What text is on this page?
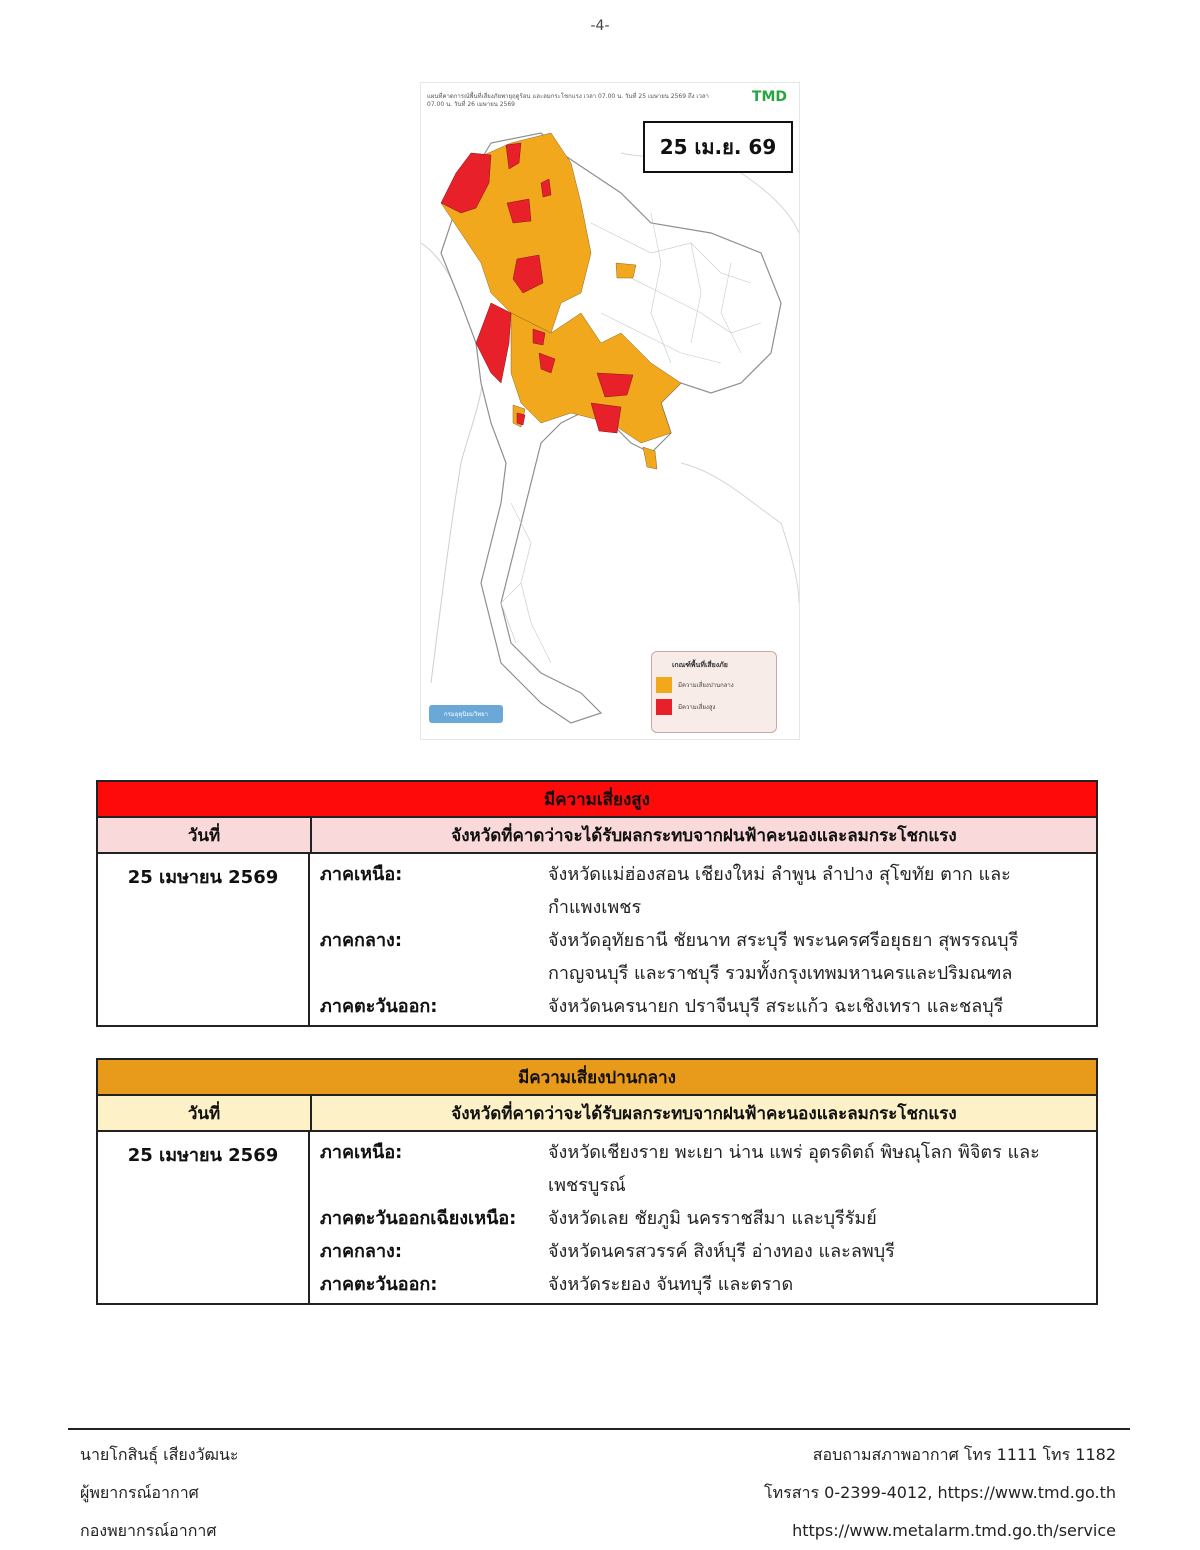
-4-
แผนที่คาดการณ์พื้นที่เสี่ยงภัยพายุฤดูร้อน และลมกระโชกแรง เวลา 07.00 น. วันที่ 25 เมษายน 2569 ถึง เวลา 07.00 น. วันที่ 26 เมษายน 2569	TMD
25 เม.ย. 69
เกณฑ์พื้นที่เสี่ยงภัย
มีความเสี่ยงปานกลาง
มีความเสี่ยงสูง
กรมอุตุนิยมวิทยา
มีความเสี่ยงสูง
วันที่	จังหวัดที่คาดว่าจะได้รับผลกระทบจากฝนฟ้าคะนองและลมกระโชกแรง
25 เมษายน 2569	ภาคเหนือ:	จังหวัดแม่ฮ่องสอน เชียงใหม่ ลำพูน ลำปาง สุโขทัย ตาก และกำแพงเพชร
ภาคกลาง:	จังหวัดอุทัยธานี ชัยนาท สระบุรี พระนครศรีอยุธยา สุพรรณบุรี กาญจนบุรี และราชบุรี รวมทั้งกรุงเทพมหานครและปริมณฑล
ภาคตะวันออก:	จังหวัดนครนายก ปราจีนบุรี สระแก้ว ฉะเชิงเทรา และชลบุรี
มีความเสี่ยงปานกลาง
วันที่	จังหวัดที่คาดว่าจะได้รับผลกระทบจากฝนฟ้าคะนองและลมกระโชกแรง
25 เมษายน 2569	ภาคเหนือ:	จังหวัดเชียงราย พะเยา น่าน แพร่ อุตรดิตถ์ พิษณุโลก พิจิตร และเพชรบูรณ์
ภาคตะวันออกเฉียงเหนือ:	จังหวัดเลย ชัยภูมิ นครราชสีมา และบุรีรัมย์
ภาคกลาง:	จังหวัดนครสวรรค์ สิงห์บุรี อ่างทอง และลพบุรี
ภาคตะวันออก:	จังหวัดระยอง จันทบุรี และตราด
นายโกสินธุ์ เสียงวัฒนะ
ผู้พยากรณ์อากาศ
กองพยากรณ์อากาศ
สอบถามสภาพอากาศ โทร 1111 โทร 1182
โทรสาร 0-2399-4012, https://www.tmd.go.th
https://www.metalarm.tmd.go.th/service
